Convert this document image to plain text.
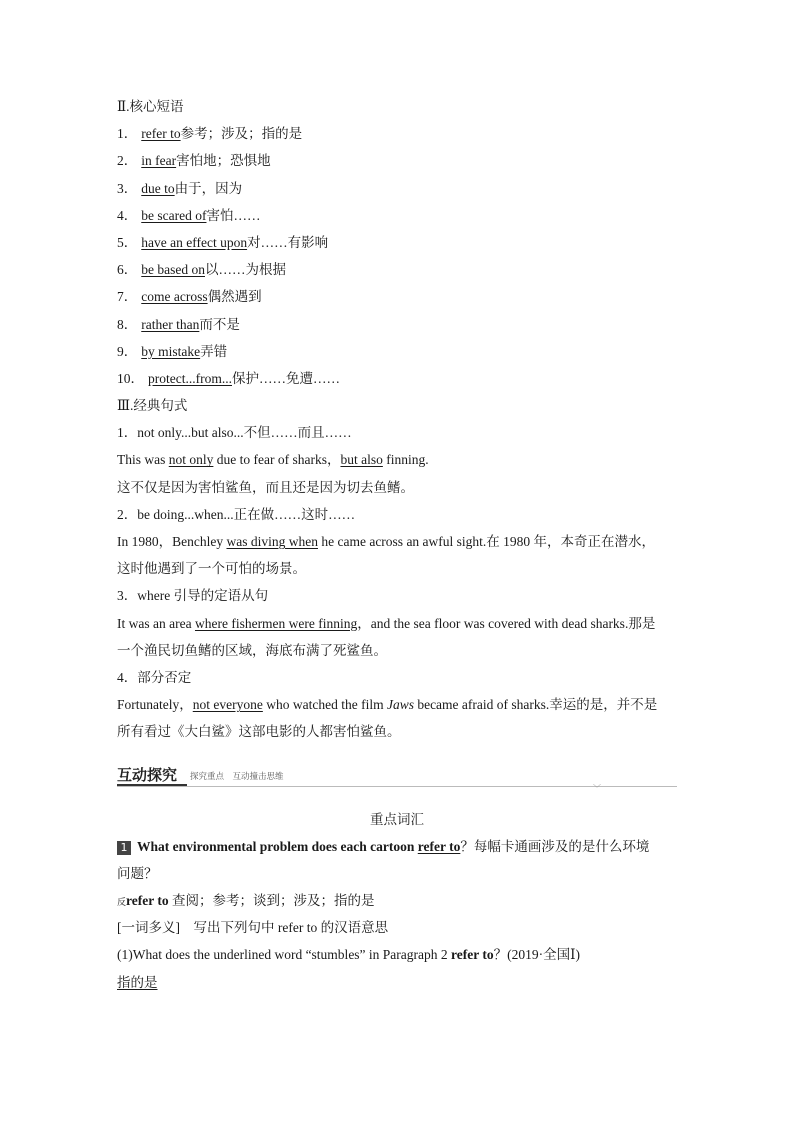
Ⅱ.核心短语
1． refer to参考；涉及；指的是
2． in fear害怕地；恐惧地
3． due to由于，因为
4． be scared of害怕……
5． have an effect upon对……有影响
6． be based on以……为根据
7． come across偶然遇到
8． rather than而不是
9． by mistake弄错
10． protect...from...保护……免遭……
Ⅲ.经典句式
1．not only...but also...不但……而且……
This was not only due to fear of sharks，but also finning.
这不仅是因为害怕鲨鱼，而且还是因为切去鱼鳍。
2．be doing...when...正在做……这时……
In 1980，Benchley was diving when he came across an awful sight.在 1980 年，本奇正在潜水，
这时他遇到了一个可怕的场景。
3．where 引导的定语从句
It was an area where fishermen were finning，and the sea floor was covered with dead sharks.那是
一个渔民切鱼鳍的区域，海底布满了死鲨鱼。
4．部分否定
Fortunately，not everyone who watched the film Jaws became afraid of sharks.幸运的是，并不是
所有看过《大白鲨》这部电影的人都害怕鲨鱼。
互动探究 探究重点　互动撞击思维
﹀
重点词汇
1 What environmental problem does each cartoon refer to？每幅卡通画涉及的是什么环境
问题？
反refer to 查阅；参考；谈到；涉及；指的是
[一词多义]　写出下列句中 refer to 的汉语意思
(1)What does the underlined word “stumbles” in Paragraph 2 refer to？(2019·全国Ⅰ)
指的是
